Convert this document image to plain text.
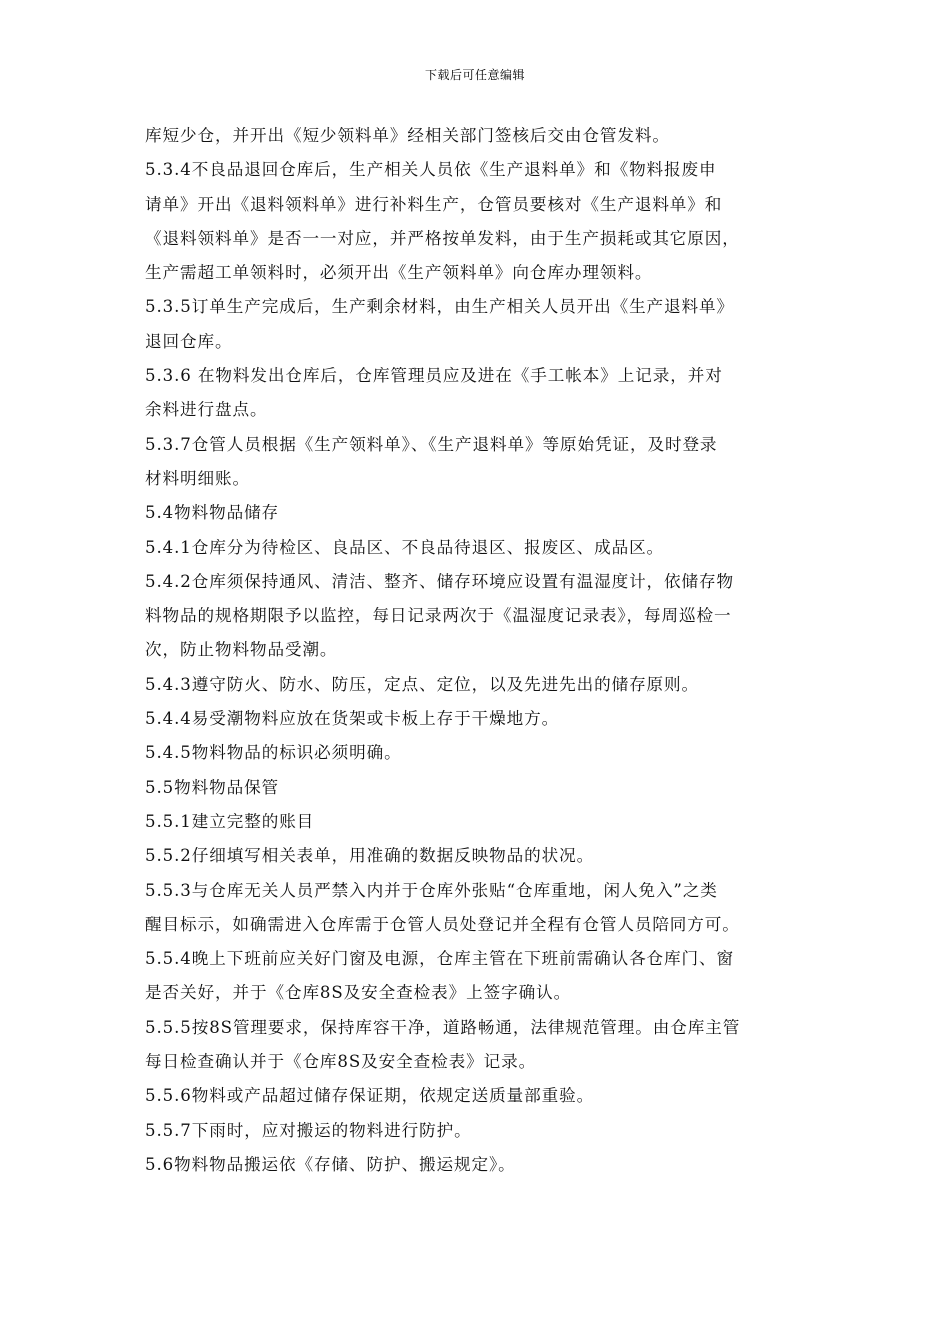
下载后可任意编辑
库短少仓，并开出《短少领料单》经相关部门签核后交由仓管发料。
5.3.4不良品退回仓库后，生产相关人员依《生产退料单》和《物料报废申
请单》开出《退料领料单》进行补料生产，仓管员要核对《生产退料单》和
《退料领料单》是否一一对应，并严格按单发料，由于生产损耗或其它原因，
生产需超工单领料时，必须开出《生产领料单》向仓库办理领料。
5.3.5订单生产完成后，生产剩余材料，由生产相关人员开出《生产退料单》
退回仓库。
5.3.6 在物料发出仓库后，仓库管理员应及进在《手工帐本》上记录，并对
余料进行盘点。
5.3.7仓管人员根据《生产领料单》、《生产退料单》等原始凭证，及时登录
材料明细账。
5.4物料物品储存
5.4.1仓库分为待检区、良品区、不良品待退区、报废区、成品区。
5.4.2仓库须保持通风、清洁、整齐、储存环境应设置有温湿度计，依储存物
料物品的规格期限予以监控，每日记录两次于《温湿度记录表》，每周巡检一
次，防止物料物品受潮。
5.4.3遵守防火、防水、防压，定点、定位，以及先进先出的储存原则。
5.4.4易受潮物料应放在货架或卡板上存于干燥地方。
5.4.5物料物品的标识必须明确。
5.5物料物品保管
5.5.1建立完整的账目
5.5.2仔细填写相关表单，用准确的数据反映物品的状况。
5.5.3与仓库无关人员严禁入内并于仓库外张贴“仓库重地，闲人免入”之类
醒目标示，如确需进入仓库需于仓管人员处登记并全程有仓管人员陪同方可。
5.5.4晚上下班前应关好门窗及电源，仓库主管在下班前需确认各仓库门、窗
是否关好，并于《仓库8S及安全查检表》上签字确认。
5.5.5按8S管理要求，保持库容干净，道路畅通，法律规范管理。由仓库主管
每日检查确认并于《仓库8S及安全查检表》记录。
5.5.6物料或产品超过储存保证期，依规定送质量部重验。
5.5.7下雨时，应对搬运的物料进行防护。
5.6物料物品搬运依《存储、防护、搬运规定》。
